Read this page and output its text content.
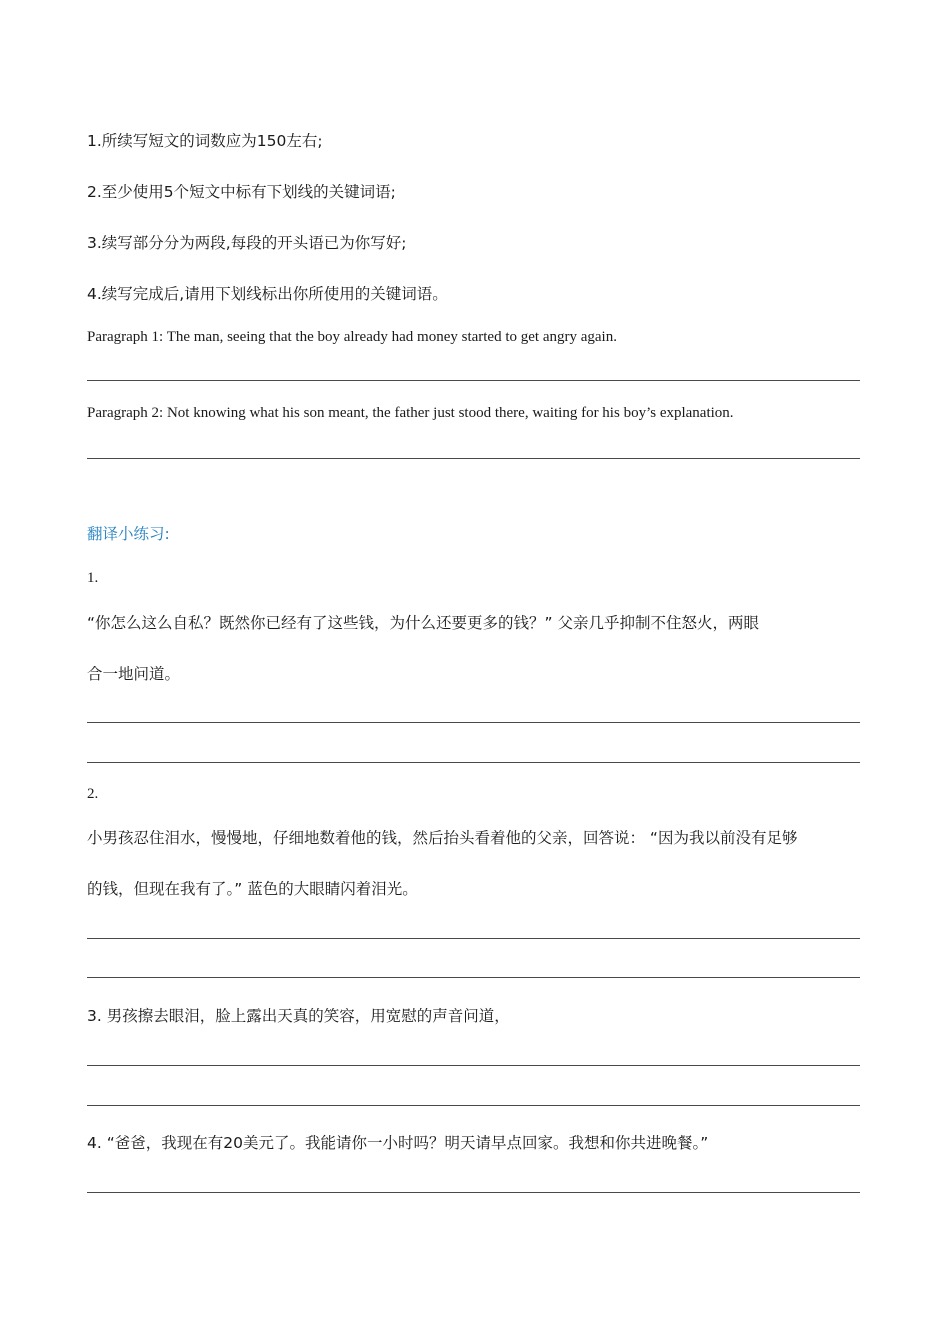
1.所续写短文的词数应为150左右;
2.至少使用5个短文中标有下划线的关键词语;
3.续写部分分为两段,每段的开头语已为你写好;
4.续写完成后,请用下划线标出你所使用的关键词语。
Paragraph 1: The man, seeing that the boy already had money started to get angry again.
Paragraph 2: Not knowing what his son meant, the father just stood there, waiting for his boy’s explanation.
翻译小练习:
1.
“你怎么这么自私？既然你已经有了这些钱，为什么还要更多的钱？” 父亲几乎抑制不住怒火，两眼
合一地问道。
2.
小男孩忍住泪水，慢慢地，仔细地数着他的钱，然后抬头看着他的父亲，回答说： “因为我以前没有足够
的钱，但现在我有了。” 蓝色的大眼睛闪着泪光。
3. 男孩擦去眼泪，脸上露出天真的笑容，用宽慰的声音问道，
4. “爸爸，我现在有20美元了。我能请你一小时吗？明天请早点回家。我想和你共进晚餐。”
